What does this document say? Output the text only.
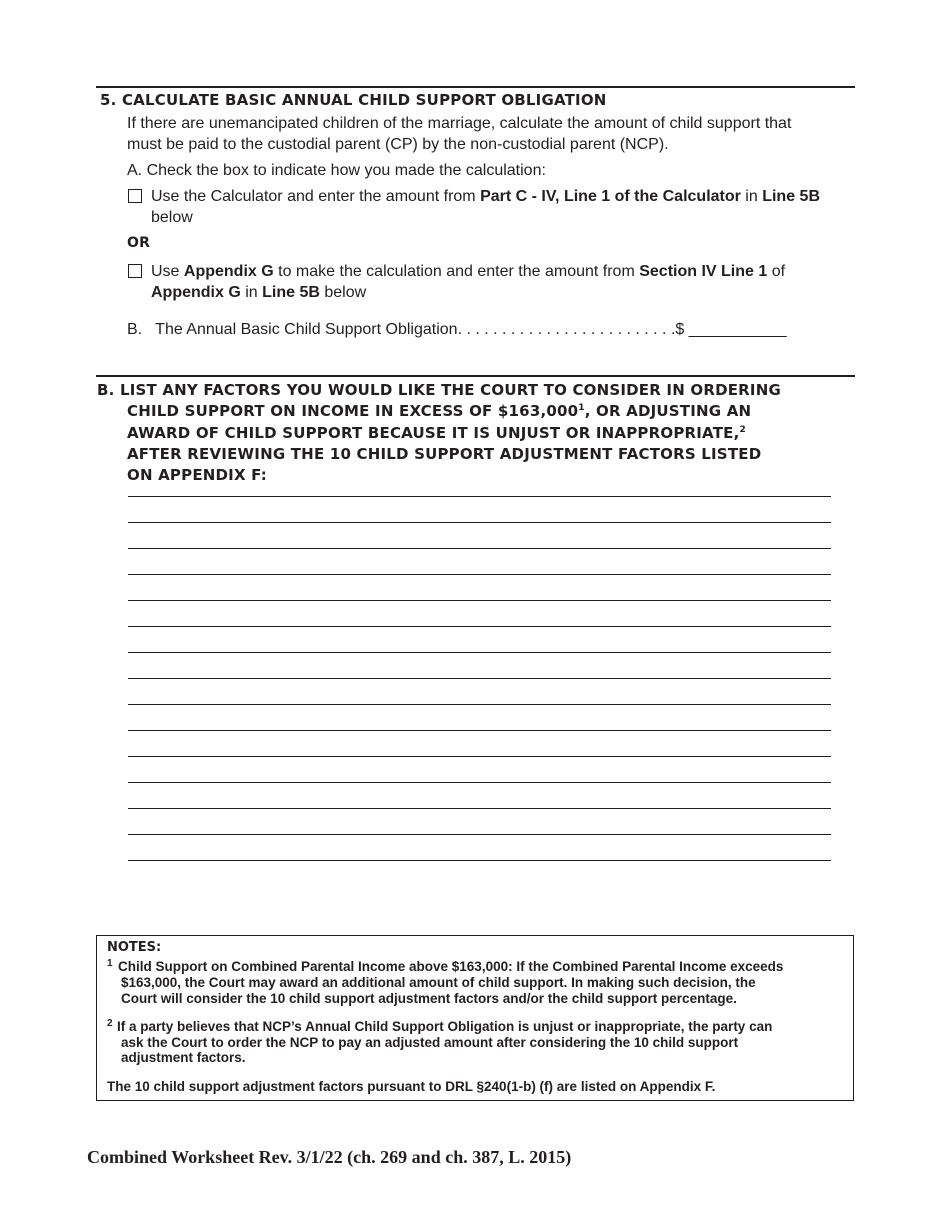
5. CALCULATE BASIC ANNUAL CHILD SUPPORT OBLIGATION
If there are unemancipated children of the marriage, calculate the amount of child support that
must be paid to the custodial parent (CP) by the non-custodial parent (NCP).
A. Check the box to indicate how you made the calculation:
Use the Calculator and enter the amount from Part C - IV, Line 1 of the Calculator in Line 5B
below
OR
Use Appendix G to make the calculation and enter the amount from Section IV Line 1 of
Appendix G in Line 5B below
B.   The Annual Basic Child Support Obligation. . . . . . . . . . . . . . . . . . . . . . . . .$ ___________
B. LIST ANY FACTORS YOU WOULD LIKE THE COURT TO CONSIDER IN ORDERING
CHILD SUPPORT ON INCOME IN EXCESS OF $163,000$^1$, OR ADJUSTING AN
AWARD OF CHILD SUPPORT BECAUSE IT IS UNJUST OR INAPPROPRIATE,$^2$
AFTER REVIEWING THE 10 CHILD SUPPORT ADJUSTMENT FACTORS LISTED
ON APPENDIX F:
NOTES:
1 Child Support on Combined Parental Income above $163,000: If the Combined Parental Income exceeds
$163,000, the Court may award an additional amount of child support. In making such decision, the
Court will consider the 10 child support adjustment factors and/or the child support percentage.
2 If a party believes that NCP’s Annual Child Support Obligation is unjust or inappropriate, the party can
ask the Court to order the NCP to pay an adjusted amount after considering the 10 child support
adjustment factors.
The 10 child support adjustment factors pursuant to DRL §240(1-b) (f) are listed on Appendix F.
Combined Worksheet Rev. 3/1/22 (ch. 269 and ch. 387, L. 2015)
